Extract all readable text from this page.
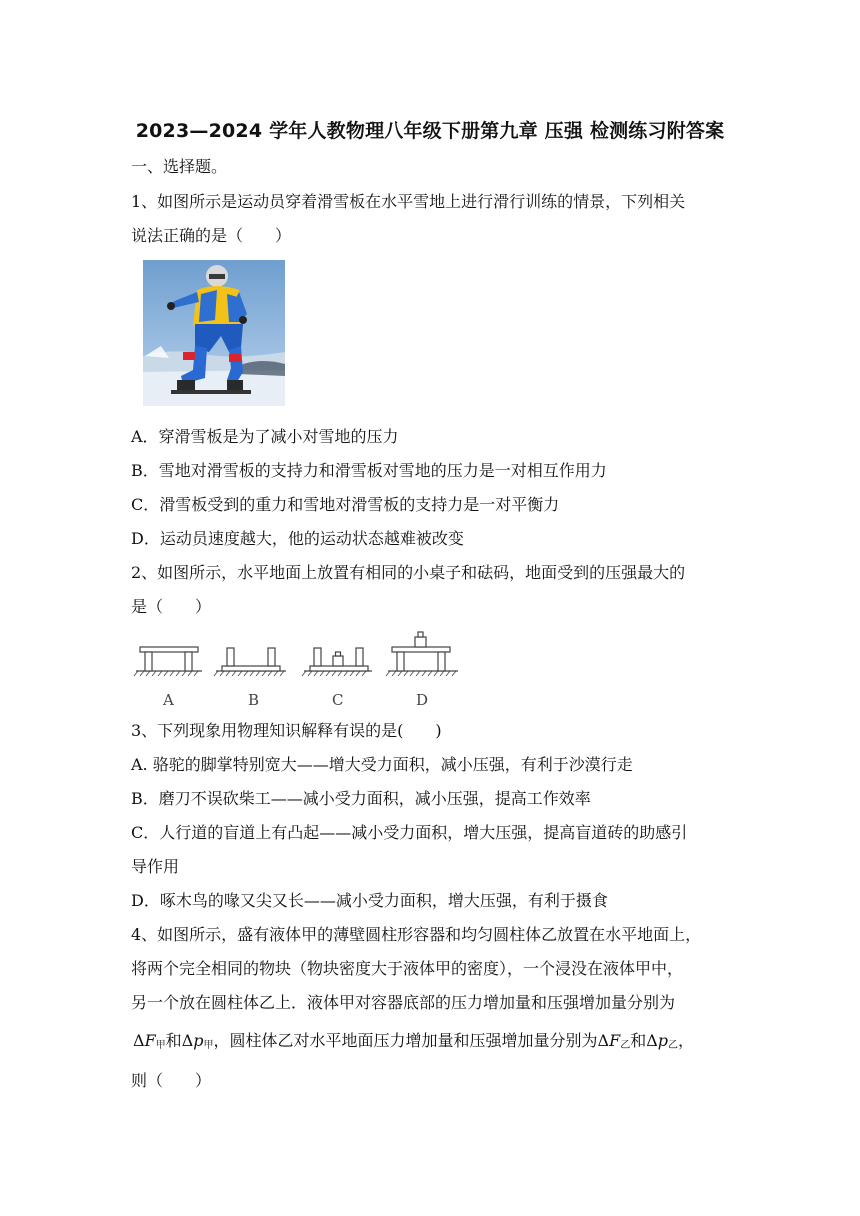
2023—2024 学年人教物理八年级下册第九章 压强 检测练习附答案
一、选择题。
1、如图所示是运动员穿着滑雪板在水平雪地上进行滑行训练的情景，下列相关
说法正确的是（　　）
A．穿滑雪板是为了减小对雪地的压力
B．雪地对滑雪板的支持力和滑雪板对雪地的压力是一对相互作用力
C．滑雪板受到的重力和雪地对滑雪板的支持力是一对平衡力
D．运动员速度越大，他的运动状态越难被改变
2、如图所示，水平地面上放置有相同的小桌子和砝码，地面受到的压强最大的
是（　　）
A	B	C	D
3、下列现象用物理知识解释有误的是(　　)
A. 骆驼的脚掌特别宽大——增大受力面积，减小压强，有利于沙漠行走
B．磨刀不误砍柴工——减小受力面积，减小压强，提高工作效率
C．人行道的盲道上有凸起——减小受力面积，增大压强，提高盲道砖的助感引
导作用
D．啄木鸟的喙又尖又长——减小受力面积，增大压强，有利于摄食
4、如图所示，盛有液体甲的薄壁圆柱形容器和均匀圆柱体乙放置在水平地面上，
将两个完全相同的物块（物块密度大于液体甲的密度），一个浸没在液体甲中，
另一个放在圆柱体乙上．液体甲对容器底部的压力增加量和压强增加量分别为
$\Delta F_甲$和$\Delta p_甲$，圆柱体乙对水平地面压力增加量和压强增加量分别为$\Delta F_乙$和$\Delta p_乙$，
则（　　）
